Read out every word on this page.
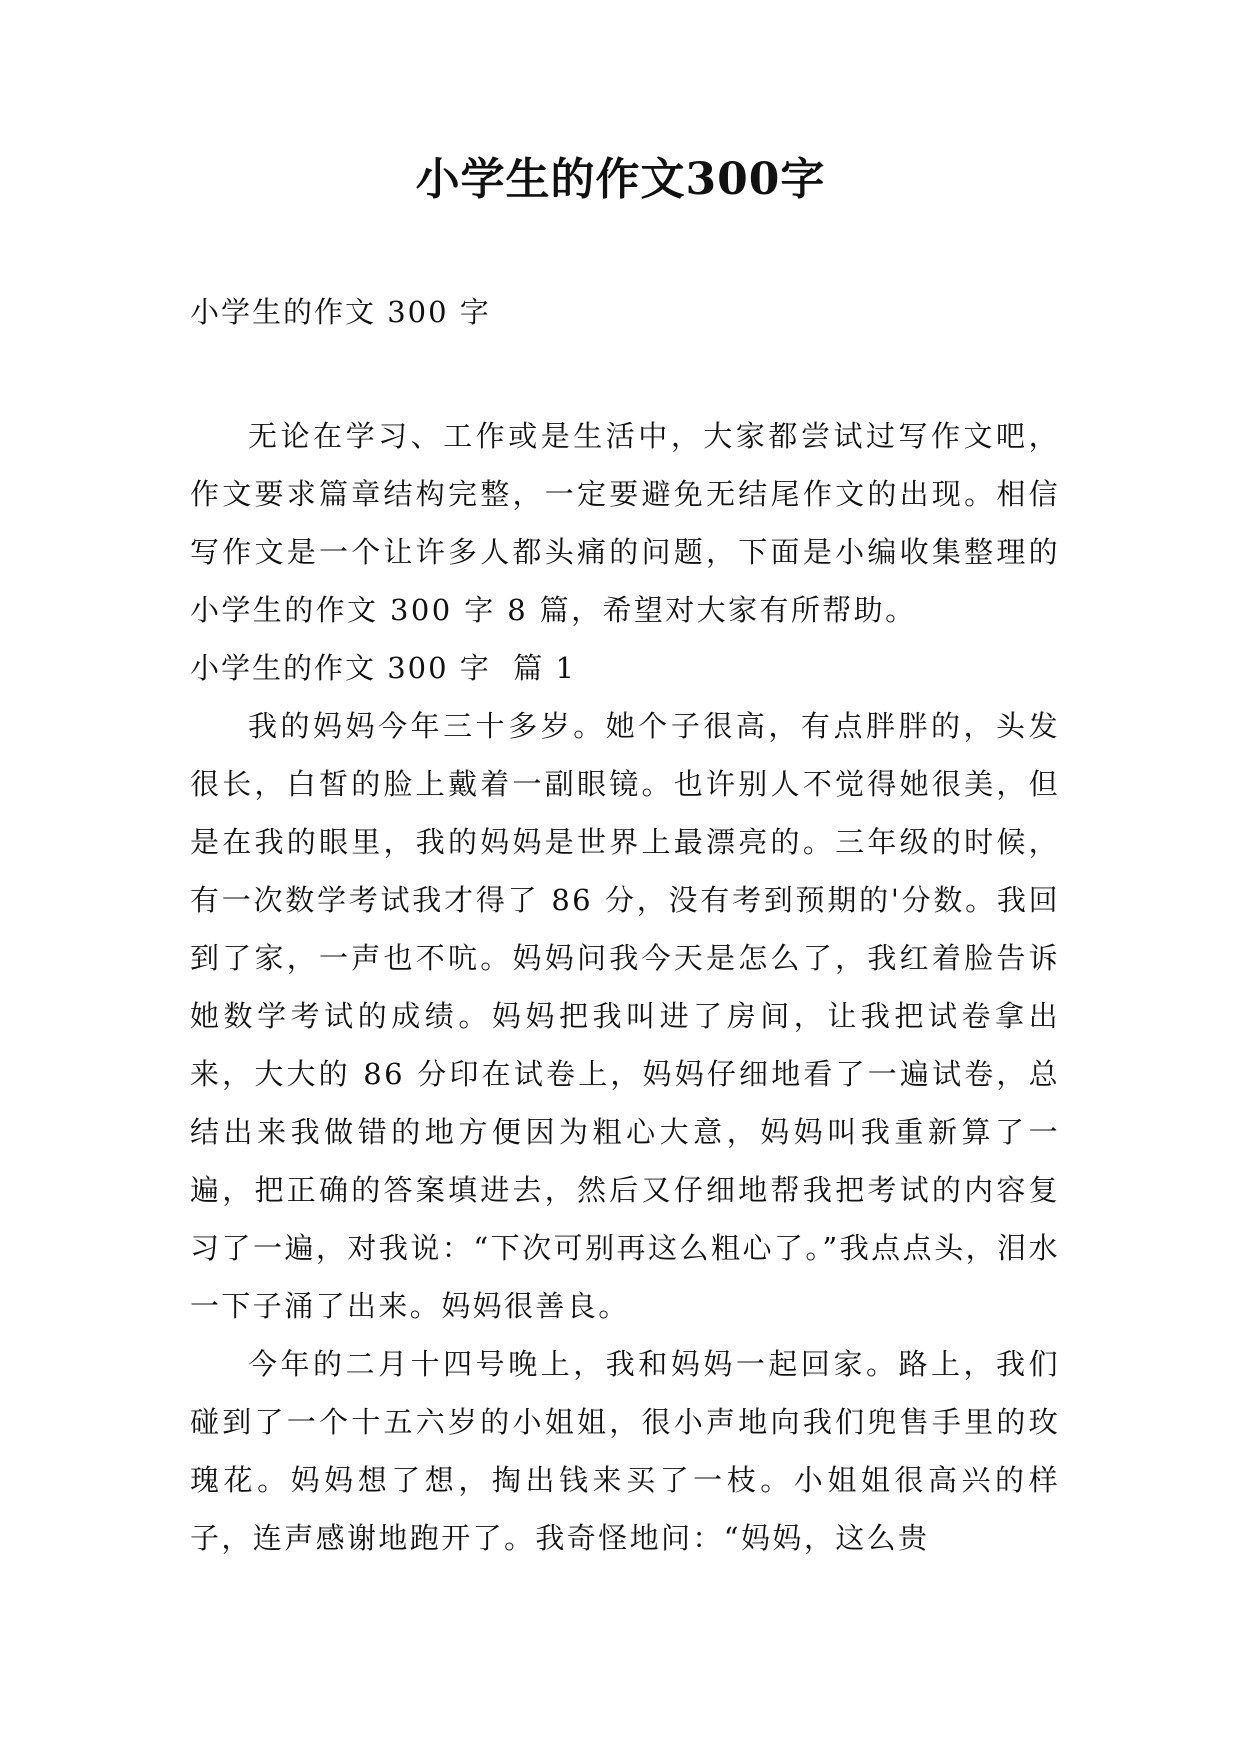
小学生的作文300字

小学生的作文 300 字

无论在学习、工作或是生活中，大家都尝试过写作文吧，作文要求篇章结构完整，一定要避免无结尾作文的出现。相信写作文是一个让许多人都头痛的问题，下面是小编收集整理的小学生的作文 300 字 8 篇，希望对大家有所帮助。

小学生的作文 300 字  篇 1

我的妈妈今年三十多岁。她个子很高，有点胖胖的，头发很长，白皙的脸上戴着一副眼镜。也许别人不觉得她很美，但是在我的眼里，我的妈妈是世界上最漂亮的。三年级的时候，有一次数学考试我才得了 86 分，没有考到预期的'分数。我回到了家，一声也不吭。妈妈问我今天是怎么了，我红着脸告诉她数学考试的成绩。妈妈把我叫进了房间，让我把试卷拿出来，大大的 86 分印在试卷上，妈妈仔细地看了一遍试卷，总结出来我做错的地方便因为粗心大意，妈妈叫我重新算了一遍，把正确的答案填进去，然后又仔细地帮我把考试的内容复习了一遍，对我说：“下次可别再这么粗心了。”我点点头，泪水一下子涌了出来。妈妈很善良。

今年的二月十四号晚上，我和妈妈一起回家。路上，我们碰到了一个十五六岁的小姐姐，很小声地向我们兜售手里的玫瑰花。妈妈想了想，掏出钱来买了一枝。小姐姐很高兴的样子，连声感谢地跑开了。我奇怪地问：“妈妈，这么贵
